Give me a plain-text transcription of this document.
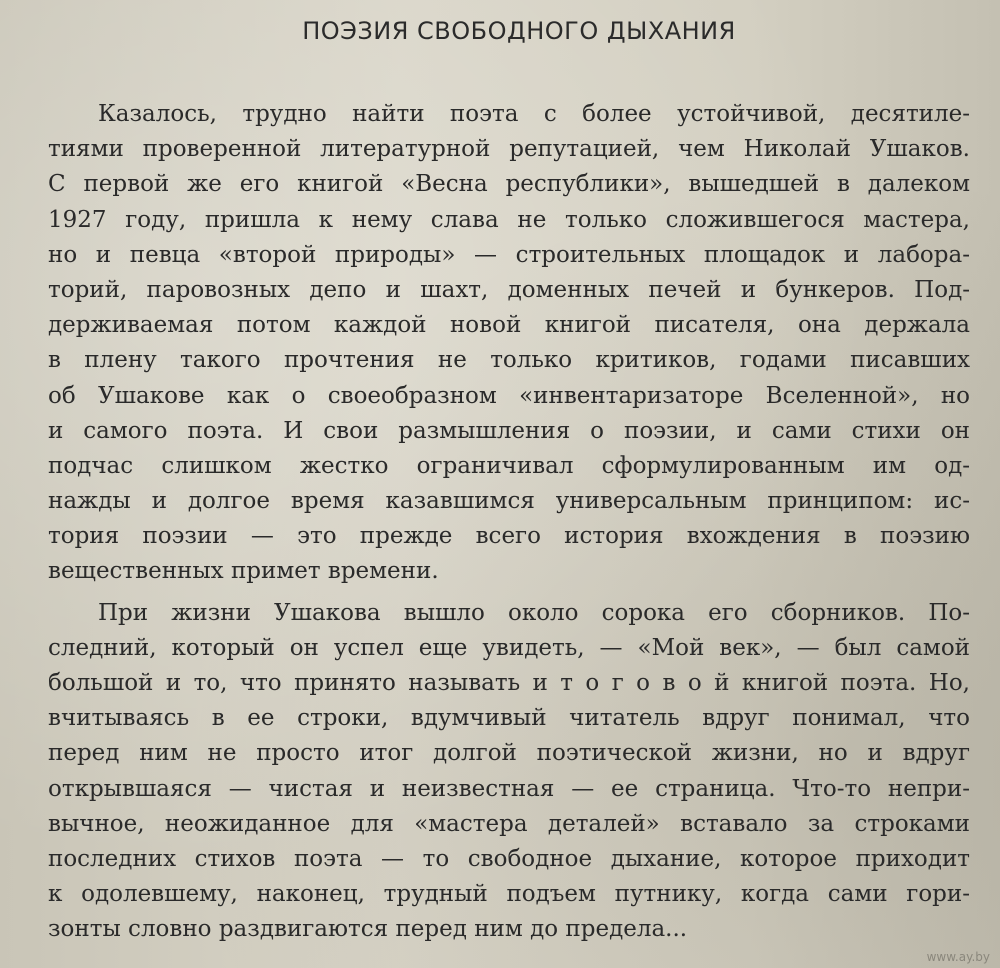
ПОЭЗИЯ СВОБОДНОГО ДЫХАНИЯ
Казалось, трудно найти поэта с более устойчивой, десятиле-
тиями проверенной литературной репутацией, чем Николай Ушаков.
С первой же его книгой «Весна республики», вышедшей в далеком
1927 году, пришла к нему слава не только сложившегося мастера,
но и певца «второй природы» — строительных площадок и лабора-
торий, паровозных депо и шахт, доменных печей и бункеров. Под-
держиваемая потом каждой новой книгой писателя, она держала
в плену такого прочтения не только критиков, годами писавших
об Ушакове как о своеобразном «инвентаризаторе Вселенной», но
и самого поэта. И свои размышления о поэзии, и сами стихи он
подчас слишком жестко ограничивал сформулированным им од-
нажды и долгое время казавшимся универсальным принципом: ис-
тория поэзии — это прежде всего история вхождения в поэзию
вещественных примет времени.
При жизни Ушакова вышло около сорока его сборников. По-
следний, который он успел еще увидеть, — «Мой век», — был самой
большой и то, что принято называть и т о г о в о й книгой поэта. Но,
вчитываясь в ее строки, вдумчивый читатель вдруг понимал, что
перед ним не просто итог долгой поэтической жизни, но и вдруг
открывшаяся — чистая и неизвестная — ее страница. Что-то непри-
вычное, неожиданное для «мастера деталей» вставало за строками
последних стихов поэта — то свободное дыхание, которое приходит
к одолевшему, наконец, трудный подъем путнику, когда сами гори-
зонты словно раздвигаются перед ним до предела...
www.ay.by
